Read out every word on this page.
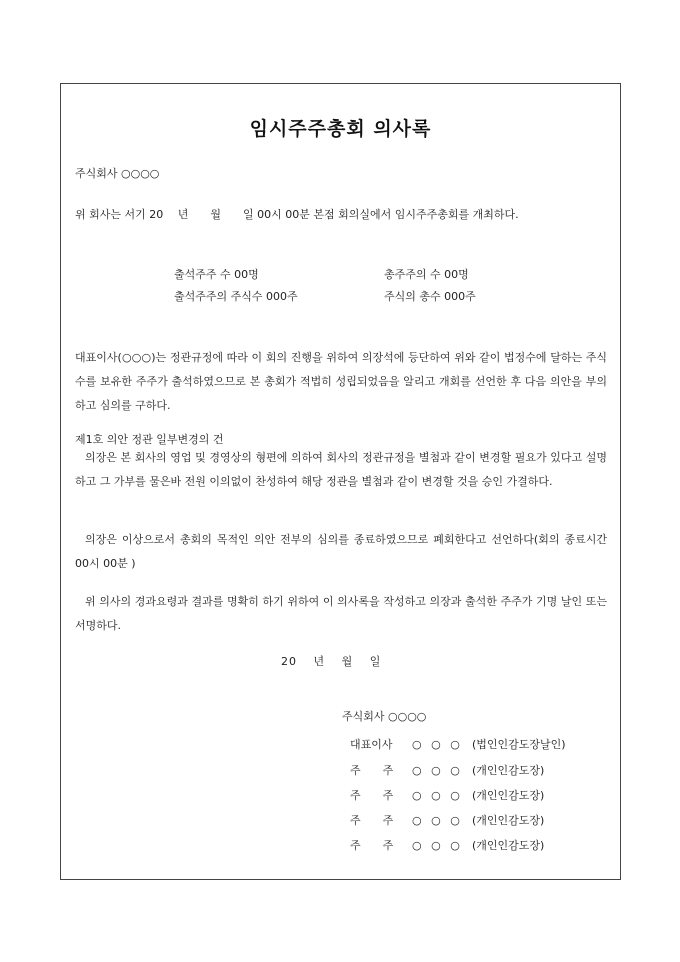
임시주주총회 의사록
주식회사 ○○○○
위 회사는 서기 20　 년　　월　　일 00시 00분 본점 회의실에서 임시주주총회를 개최하다.
출석주주 수 00명	총주주의 수 00명
출석주주의 주식수 000주	주식의 총수 000주

대표이사(○○○)는 정관규정에 따라 이 회의 진행을 위하여 의장석에 등단하여 위와 같이 법정수에 달하는 주식수를 보유한 주주가 출석하였으므로 본 총회가 적법히 성립되었음을 알리고 개회를 선언한 후 다음 의안을 부의하고 심의를 구하다.

제1호 의안 정관 일부변경의 건

의장은 본 회사의 영업 및 경영상의 형편에 의하여 회사의 정관규정을 별첨과 같이 변경할 필요가 있다고 설명하고 그 가부를 물은바 전원 이의없이 찬성하여 해당 정관을 별첨과 같이 변경할 것을 승인 가결하다.

의장은 이상으로서 총회의 목적인 의안 전부의 심의를 종료하였으므로 폐회한다고 선언하다(회의 종료시간 00시 00분 )

위 의사의 경과요령과 결과를 명확히 하기 위하여 이 의사록을 작성하고 의장과 출석한 주주가 기명 날인 또는 서명하다.

20　 년　 월　 일
주식회사 ○○○○
대표이사 ○ ○ ○ (법인인감도장날인)
주　　주 ○ ○ ○ (개인인감도장)
주　　주 ○ ○ ○ (개인인감도장)
주　　주 ○ ○ ○ (개인인감도장)
주　　주 ○ ○ ○ (개인인감도장)
